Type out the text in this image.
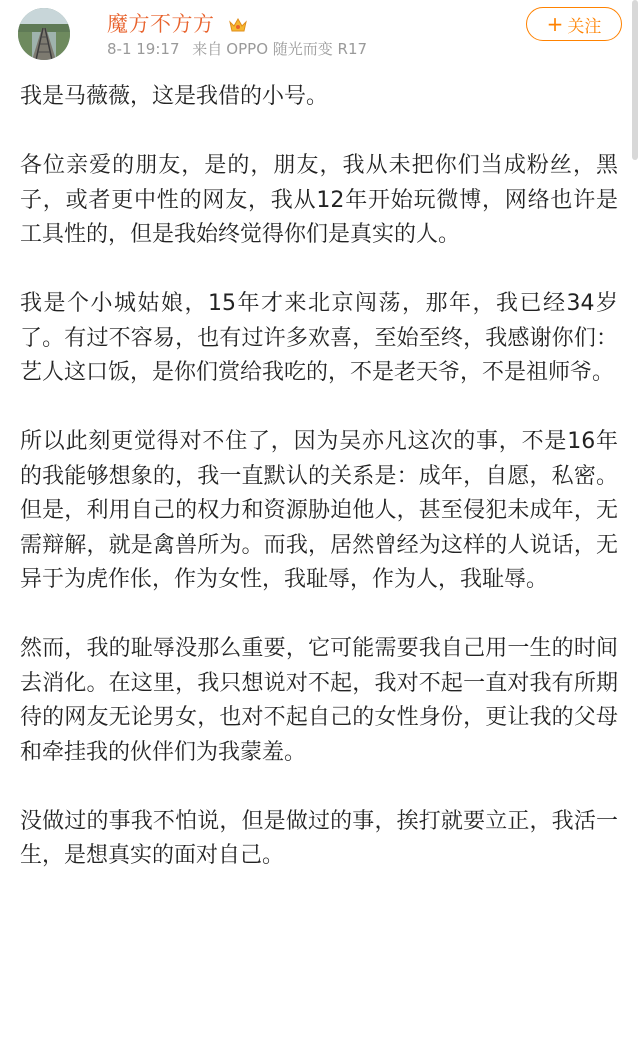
魔方不方方
8-1 19:17 来自 OPPO 随光而变 R17
+ 关注

我是马薇薇，这是我借的小号。

各位亲爱的朋友，是的，朋友，我从未把你们当成粉丝，黑子，或者更中性的网友，我从12年开始玩微博，网络也许是工具性的，但是我始终觉得你们是真实的人。

我是个小城姑娘，15年才来北京闯荡，那年，我已经34岁了。有过不容易，也有过许多欢喜，至始至终，我感谢你们：艺人这口饭，是你们赏给我吃的，不是老天爷，不是祖师爷。

所以此刻更觉得对不住了，因为吴亦凡这次的事，不是16年的我能够想象的，我一直默认的关系是：成年，自愿，私密。但是，利用自己的权力和资源胁迫他人，甚至侵犯未成年，无需辩解，就是禽兽所为。而我，居然曾经为这样的人说话，无异于为虎作伥，作为女性，我耻辱，作为人，我耻辱。

然而，我的耻辱没那么重要，它可能需要我自己用一生的时间去消化。在这里，我只想说对不起，我对不起一直对我有所期待的网友无论男女，也对不起自己的女性身份，更让我的父母和牵挂我的伙伴们为我蒙羞。

没做过的事我不怕说，但是做过的事，挨打就要立正，我活一生，是想真实的面对自己。
